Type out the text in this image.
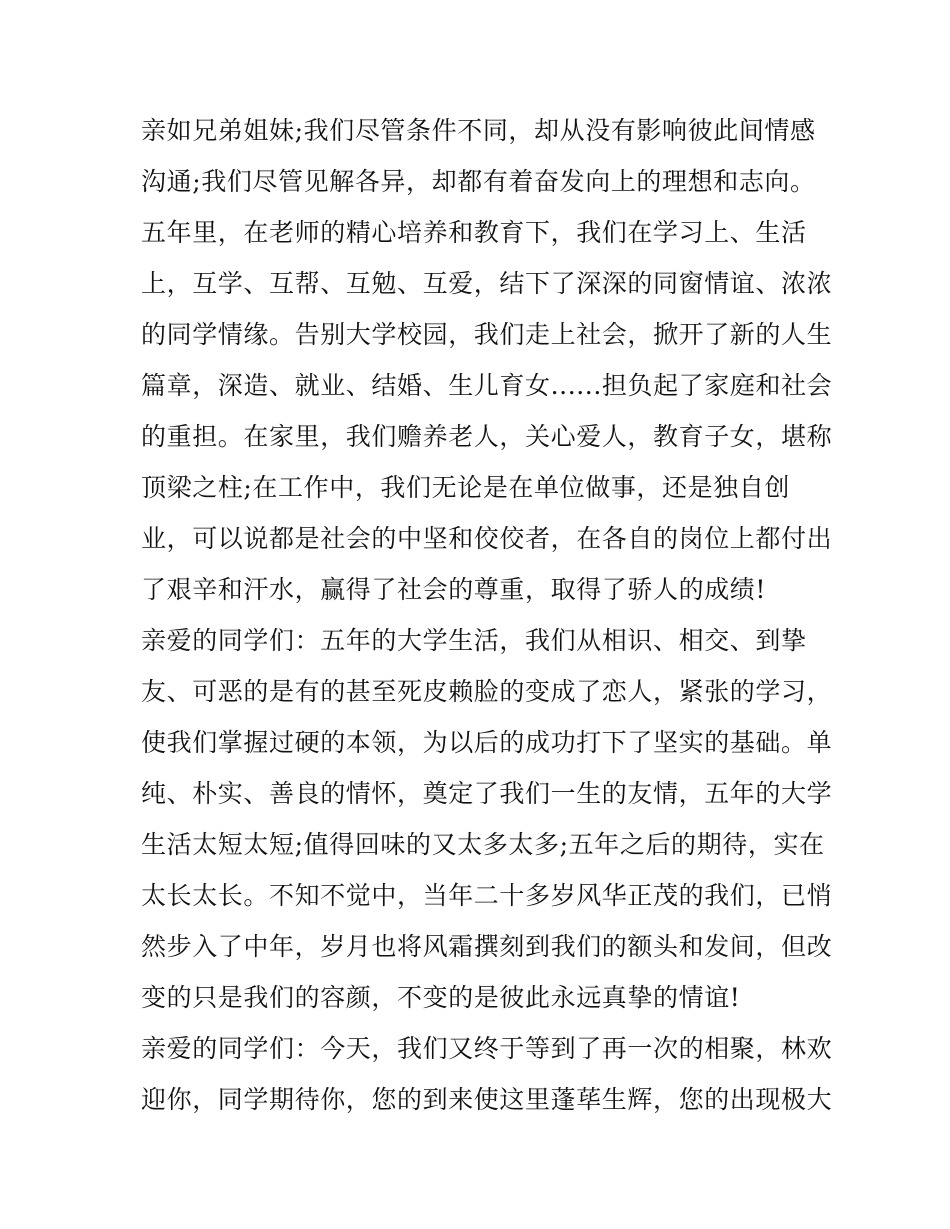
亲如兄弟姐妹;我们尽管条件不同，却从没有影响彼此间情感
沟通;我们尽管见解各异，却都有着奋发向上的理想和志向。
五年里，在老师的精心培养和教育下，我们在学习上、生活
上，互学、互帮、互勉、互爱，结下了深深的同窗情谊、浓浓
的同学情缘。告别大学校园，我们走上社会，掀开了新的人生
篇章，深造、就业、结婚、生儿育女......担负起了家庭和社会
的重担。在家里，我们赡养老人，关心爱人，教育子女，堪称
顶梁之柱;在工作中，我们无论是在单位做事，还是独自创
业，可以说都是社会的中坚和佼佼者，在各自的岗位上都付出
了艰辛和汗水，赢得了社会的尊重，取得了骄人的成绩!
亲爱的同学们：五年的大学生活，我们从相识、相交、到挚
友、可恶的是有的甚至死皮赖脸的变成了恋人，紧张的学习，
使我们掌握过硬的本领，为以后的成功打下了坚实的基础。单
纯、朴实、善良的情怀，奠定了我们一生的友情，五年的大学
生活太短太短;值得回味的又太多太多;五年之后的期待，实在
太长太长。不知不觉中，当年二十多岁风华正茂的我们，已悄
然步入了中年，岁月也将风霜撰刻到我们的额头和发间，但改
变的只是我们的容颜，不变的是彼此永远真挚的情谊!
亲爱的同学们：今天，我们又终于等到了再一次的相聚，林欢
迎你，同学期待你，您的到来使这里蓬荜生辉，您的出现极大
